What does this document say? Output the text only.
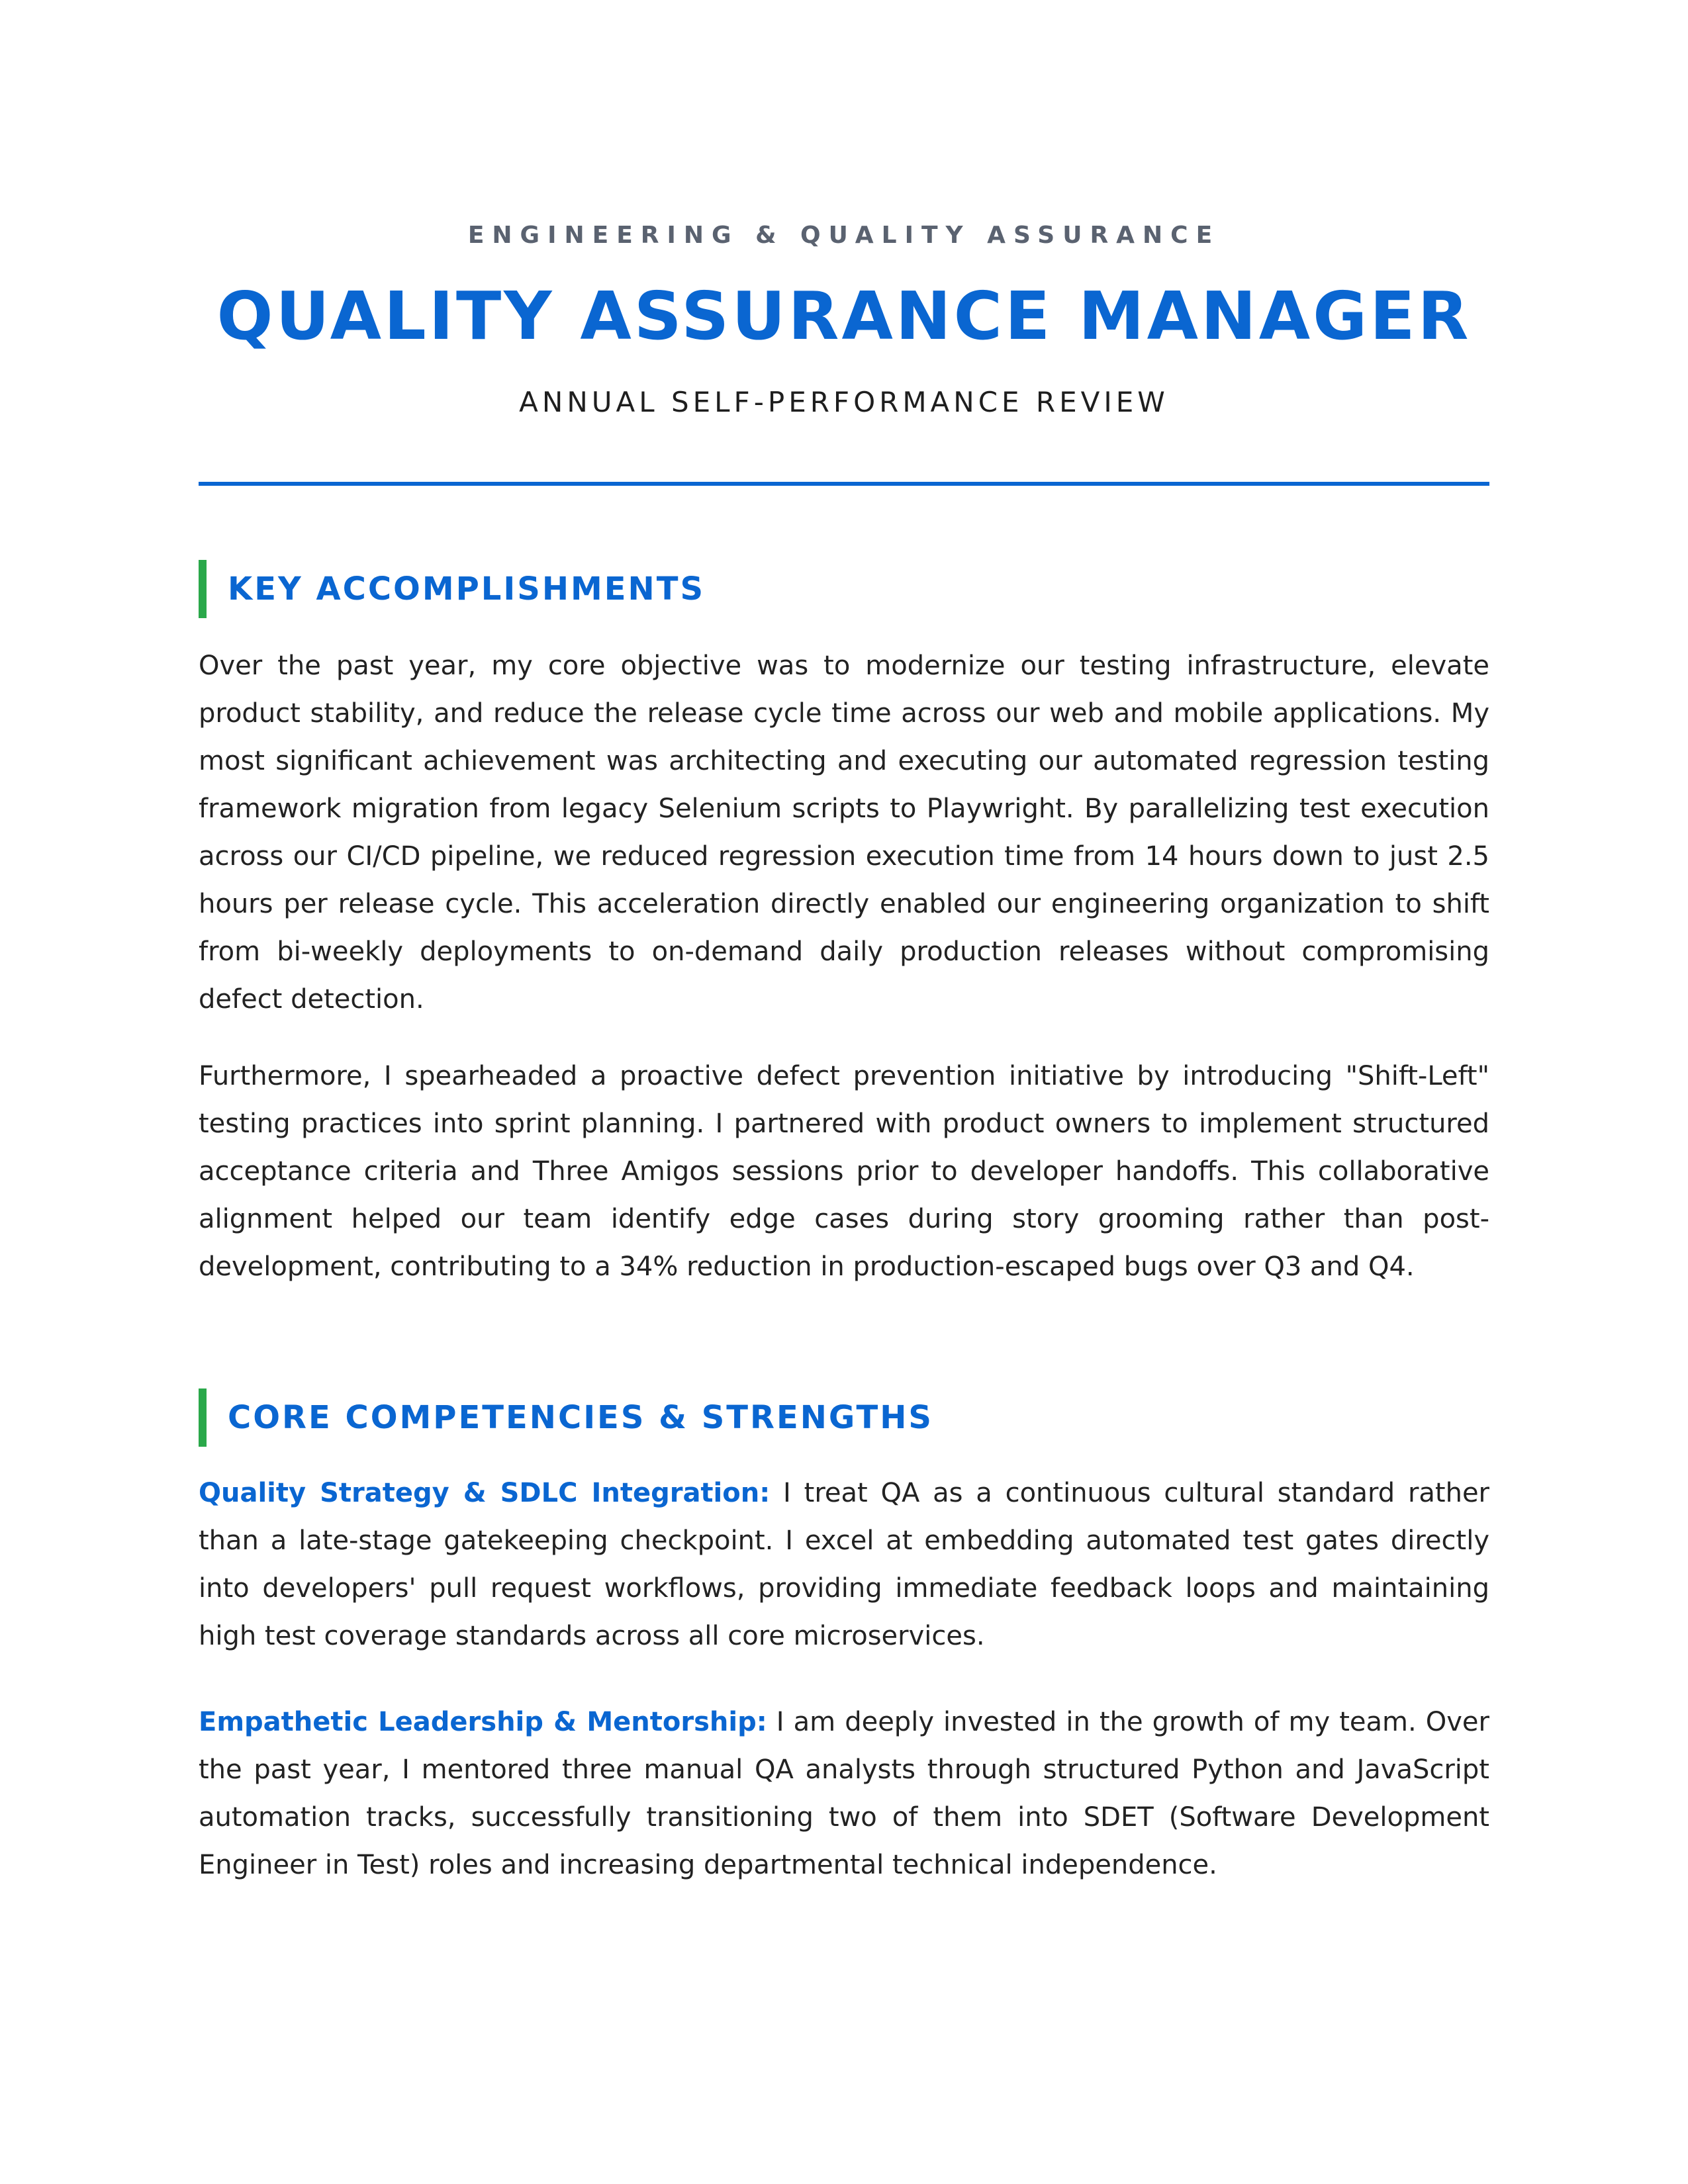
ENGINEERING & QUALITY ASSURANCE
QUALITY ASSURANCE MANAGER
ANNUAL SELF-PERFORMANCE REVIEW
KEY ACCOMPLISHMENTS

Over the past year, my core objective was to modernize our testing infrastructure, elevate product stability, and reduce the release cycle time across our web and mobile applications. My most significant achievement was architecting and executing our automated regression testing framework migration from legacy Selenium scripts to Playwright. By parallelizing test execution across our CI/CD pipeline, we reduced regression execution time from 14 hours down to just 2.5 hours per release cycle. This acceleration directly enabled our engineering organization to shift from bi-weekly deployments to on-demand daily production releases without compromising defect detection.

Furthermore, I spearheaded a proactive defect prevention initiative by introducing "Shift-Left" testing practices into sprint planning. I partnered with product owners to implement structured acceptance criteria and Three Amigos sessions prior to developer handoffs. This collaborative alignment helped our team identify edge cases during story grooming rather than post-development, contributing to a 34% reduction in production-escaped bugs over Q3 and Q4.

CORE COMPETENCIES & STRENGTHS

Quality Strategy & SDLC Integration: I treat QA as a continuous cultural standard rather than a late-stage gatekeeping checkpoint. I excel at embedding automated test gates directly into developers' pull request workflows, providing immediate feedback loops and maintaining high test coverage standards across all core microservices.

Empathetic Leadership & Mentorship: I am deeply invested in the growth of my team. Over the past year, I mentored three manual QA analysts through structured Python and JavaScript automation tracks, successfully transitioning two of them into SDET (Software Development Engineer in Test) roles and increasing departmental technical independence.
